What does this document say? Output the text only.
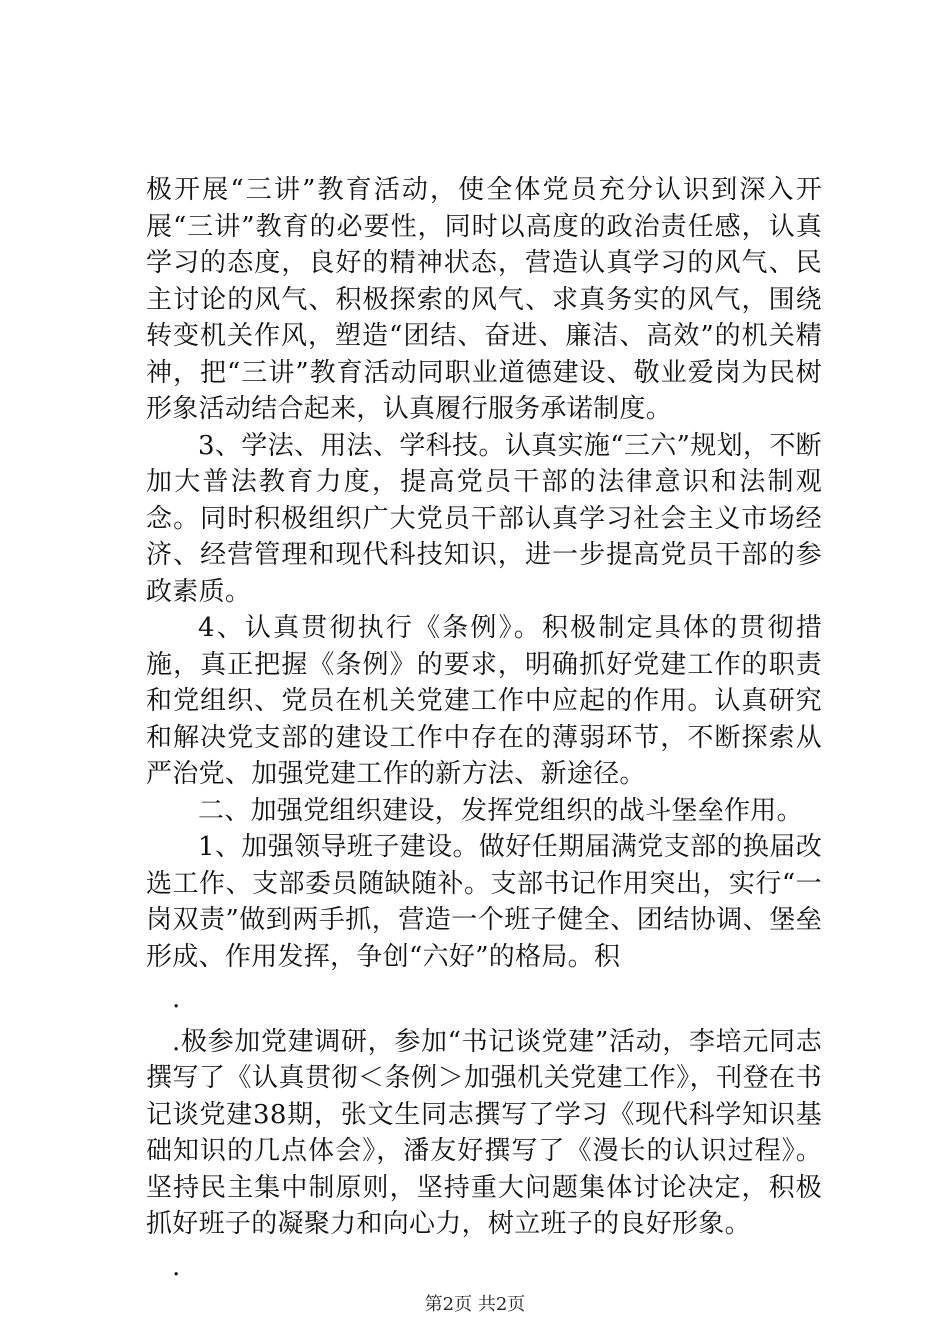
极开展“三讲”教育活动，使全体党员充分认识到深入开展“三讲”教育的必要性，同时以高度的政治责任感，认真学习的态度，良好的精神状态，营造认真学习的风气、民主讨论的风气、积极探索的风气、求真务实的风气，围绕转变机关作风，塑造“团结、奋进、廉洁、高效”的机关精神，把“三讲”教育活动同职业道德建设、敬业爱岗为民树形象活动结合起来，认真履行服务承诺制度。

3、学法、用法、学科技。认真实施“三六”规划，不断加大普法教育力度，提高党员干部的法律意识和法制观念。同时积极组织广大党员干部认真学习社会主义市场经济、经营管理和现代科技知识，进一步提高党员干部的参政素质。

4、认真贯彻执行《条例》。积极制定具体的贯彻措施，真正把握《条例》的要求，明确抓好党建工作的职责和党组织、党员在机关党建工作中应起的作用。认真研究和解决党支部的建设工作中存在的薄弱环节，不断探索从严治党、加强党建工作的新方法、新途径。

二、加强党组织建设，发挥党组织的战斗堡垒作用。

1、加强领导班子建设。做好任期届满党支部的换届改选工作、支部委员随缺随补。支部书记作用突出，实行“一岗双责”做到两手抓，营造一个班子健全、团结协调、堡垒形成、作用发挥，争创“六好”的格局。积

.

.极参加党建调研，参加“书记谈党建”活动，李培元同志撰写了《认真贯彻＜条例＞加强机关党建工作》，刊登在书记谈党建38期，张文生同志撰写了学习《现代科学知识基础知识的几点体会》，潘友好撰写了《漫长的认识过程》。坚持民主集中制原则，坚持重大问题集体讨论决定，积极抓好班子的凝聚力和向心力，树立班子的良好形象。

.

第2页 共2页
